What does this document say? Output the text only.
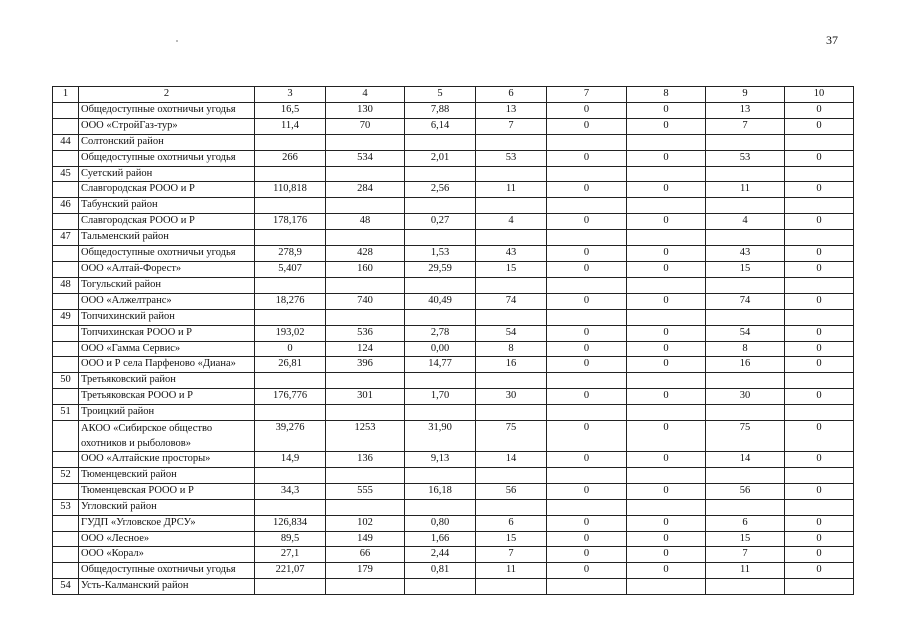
37
1	2	3	4	5	6	7	8	9	10
	Общедоступные охотничьи угодья	16,5	130	7,88	13	0	0	13	0
	ООО «СтройГаз-тур»	11,4	70	6,14	7	0	0	7	0
44	Солтонский район								
	Общедоступные охотничьи угодья	266	534	2,01	53	0	0	53	0
45	Суетский район								
	Славгородская РООО и Р	110,818	284	2,56	11	0	0	11	0
46	Табунский район								
	Славгородская РООО и Р	178,176	48	0,27	4	0	0	4	0
47	Тальменский район								
	Общедоступные охотничьи угодья	278,9	428	1,53	43	0	0	43	0
	ООО «Алтай-Форест»	5,407	160	29,59	15	0	0	15	0
48	Тогульский район								
	ООО «Алжелтранс»	18,276	740	40,49	74	0	0	74	0
49	Топчихинский район								
	Топчихинская РООО и Р	193,02	536	2,78	54	0	0	54	0
	ООО «Гамма Сервис»	0	124	0,00	8	0	0	8	0
	ООО и Р села Парфеново «Диана»	26,81	396	14,77	16	0	0	16	0
50	Третьяковский район								
	Третьяковская РООО и Р	176,776	301	1,70	30	0	0	30	0
51	Троицкий район								
	АКОО «Сибирское общество охотников и рыболовов»	39,276	1253	31,90	75	0	0	75	0
	ООО «Алтайские просторы»	14,9	136	9,13	14	0	0	14	0
52	Тюменцевский район								
	Тюменцевская РООО и Р	34,3	555	16,18	56	0	0	56	0
53	Угловский район								
	ГУДП «Угловское ДРСУ»	126,834	102	0,80	6	0	0	6	0
	ООО «Лесное»	89,5	149	1,66	15	0	0	15	0
	ООО «Корал»	27,1	66	2,44	7	0	0	7	0
	Общедоступные охотничьи угодья	221,07	179	0,81	11	0	0	11	0
54	Усть-Калманский район								
